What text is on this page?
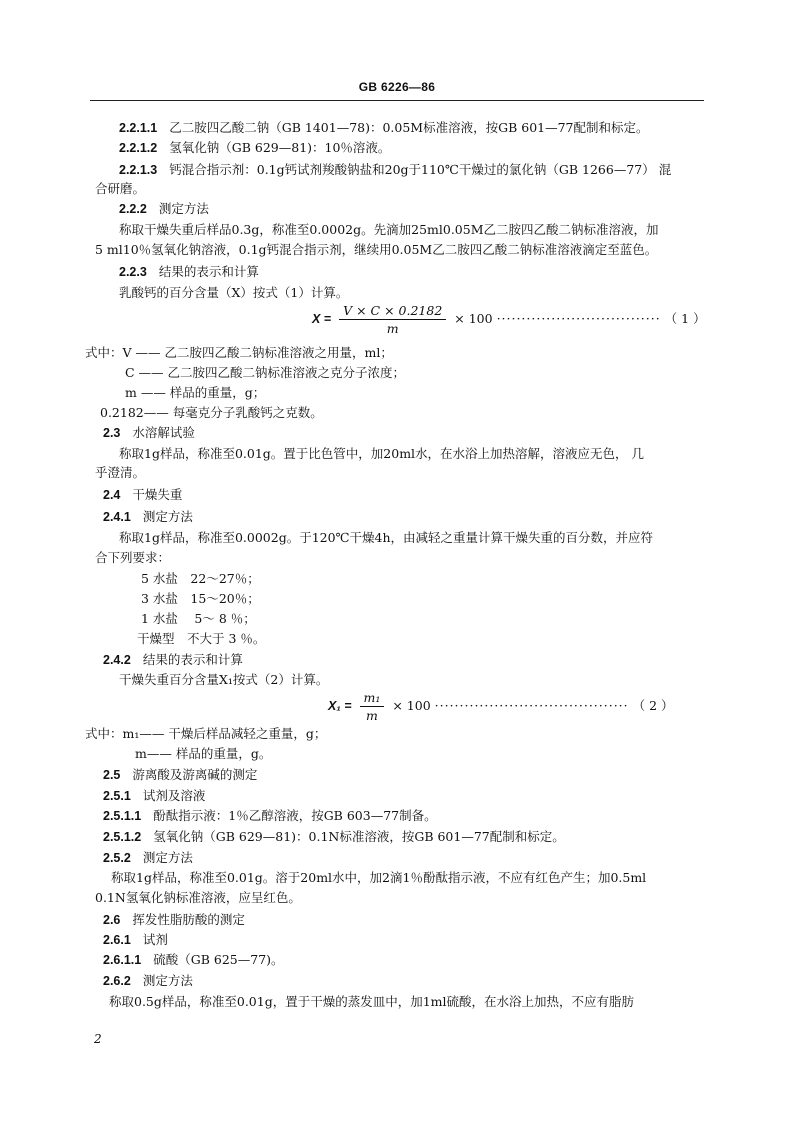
GB 6226—86
2.2.1.1 乙二胺四乙酸二钠（GB 1401—78)：0.05M标准溶液，按GB 601—77配制和标定。
2.2.1.2 氢氧化钠（GB 629—81)：10％溶液。
2.2.1.3 钙混合指示剂：0.1g钙试剂羧酸钠盐和20g于110℃干燥过的氯化钠（GB 1266—77） 混
合研磨。
2.2.2 测定方法
称取干燥失重后样品0.3g，称准至0.0002g。先滴加25ml0.05M乙二胺四乙酸二钠标准溶液，加
5 ml10％氢氧化钠溶液，0.1g钙混合指示剂，继续用0.05M乙二胺四乙酸二钠标准溶液滴定至蓝色。
2.2.3 结果的表示和计算
乳酸钙的百分含量（X）按式（1）计算。
$X = \frac{V \times C \times 0.2182}{m} \times 100$ ································· （ 1 ）
式中：V —— 乙二胺四乙酸二钠标准溶液之用量，ml；
C —— 乙二胺四乙酸二钠标准溶液之克分子浓度；
m —— 样品的重量，g；
0.2182—— 每毫克分子乳酸钙之克数。
2.3 水溶解试验
称取1g样品，称准至0.01g。置于比色管中，加20ml水，在水浴上加热溶解，溶液应无色， 几
乎澄清。
2.4 干燥失重
2.4.1 测定方法
称取1g样品，称准至0.0002g。于120℃干燥4h，由减轻之重量计算干燥失重的百分数，并应符
合下列要求：
5 水盐　22～27％；
3 水盐　15～20％；
1 水盐　 5～ 8 ％；
干燥型　不大于 3 ％。
2.4.2 结果的表示和计算
干燥失重百分含量X₁按式（2）计算。
$X_1 = \frac{\text{m₁}}{m} \times 100$ ······································· （ 2 ）
式中：m₁—— 干燥后样品减轻之重量，g；
m—— 样品的重量，g。
2.5 游离酸及游离碱的测定
2.5.1 试剂及溶液
2.5.1.1 酚酞指示液：1％乙醇溶液，按GB 603—77制备。
2.5.1.2 氢氧化钠（GB 629—81)：0.1N标准溶液，按GB 601—77配制和标定。
2.5.2 测定方法
称取1g样品，称准至0.01g。溶于20ml水中，加2滴1％酚酞指示液，不应有红色产生；加0.5ml
0.1N氢氧化钠标准溶液，应呈红色。
2.6 挥发性脂肪酸的测定
2.6.1 试剂
2.6.1.1 硫酸（GB 625—77)。
2.6.2 测定方法
称取0.5g样品，称准至0.01g，置于干燥的蒸发皿中，加1ml硫酸，在水浴上加热，不应有脂肪
2
